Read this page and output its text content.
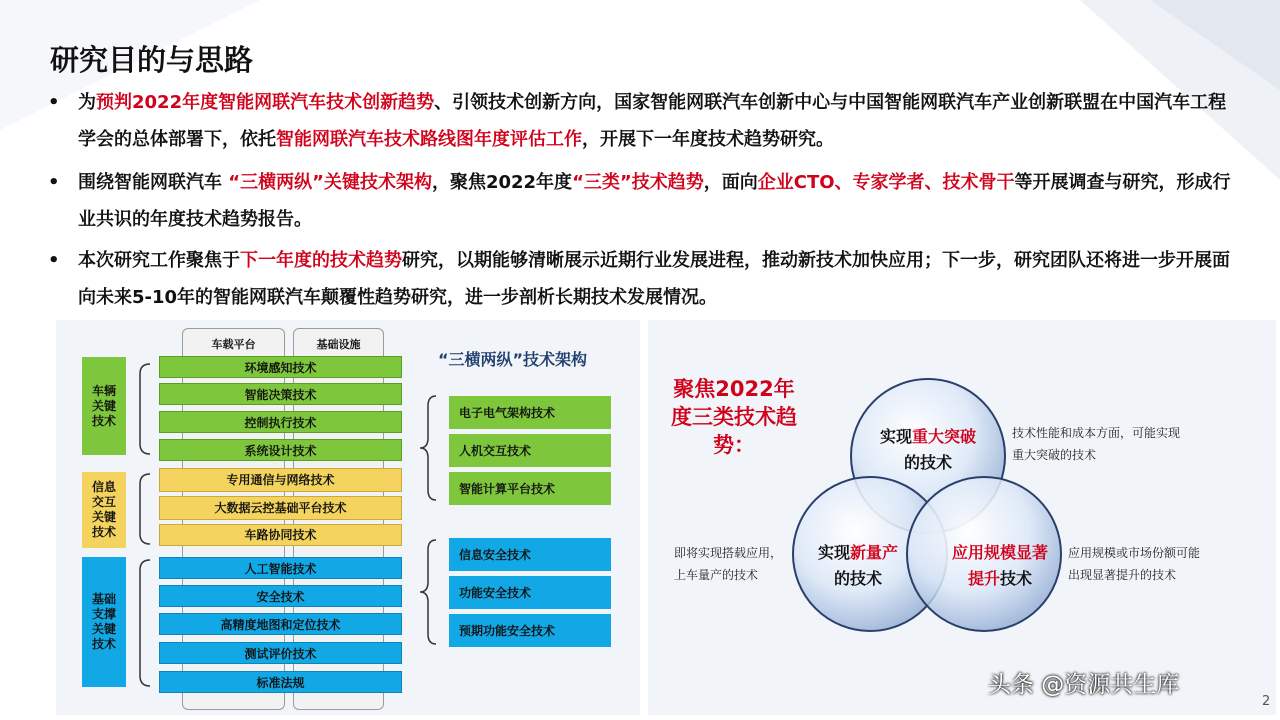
研究目的与思路
• 为预判2022年度智能网联汽车技术创新趋势、引领技术创新方向，国家智能网联汽车创新中心与中国智能网联汽车产业创新联盟在中国汽车工程学会的总体部署下，依托智能网联汽车技术路线图年度评估工作，开展下一年度技术趋势研究。
• 围绕智能网联汽车 “三横两纵”关键技术架构，聚焦2022年度“三类”技术趋势，面向企业CTO、专家学者、技术骨干等开展调查与研究，形成行业共识的年度技术趋势报告。
• 本次研究工作聚焦于下一年度的技术趋势研究，以期能够清晰展示近期行业发展进程，推动新技术加快应用；下一步，研究团队还将进一步开展面向未来5-10年的智能网联汽车颠覆性趋势研究，进一步剖析长期技术发展情况。
车载平台	基础设施
车辆
关键
技术
信息
交互
关键
技术
基础
支撑
关键
技术
环境感知技术
智能决策技术
控制执行技术
系统设计技术
专用通信与网络技术
大数据云控基础平台技术
车路协同技术
人工智能技术
安全技术
高精度地图和定位技术
测试评价技术
标准法规
“三横两纵”技术架构
电子电气架构技术
人机交互技术
智能计算平台技术
信息安全技术
功能安全技术
预期功能安全技术
聚焦2022年度三类技术趋势：	实现重大突破
的技术
实现新量产
的技术
应用规模显著提升技术
技术性能和成本方面，可能实现重大突破的技术
即将实现搭载应用，上车量产的技术
应用规模或市场份额可能出现显著提升的技术
头条 @资源共生库
2
